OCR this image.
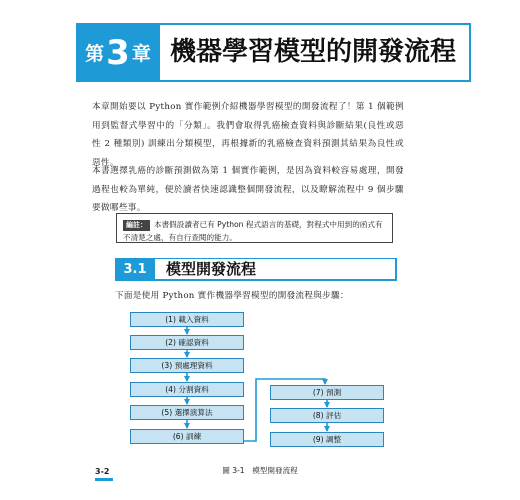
第 3 章 機器學習模型的開發流程
本章開始要以 Python 實作範例介紹機器學習模型的開發流程了！第 1 個範例用到監督式學習中的「分類」。我們會取得乳癌檢查資料與診斷結果(良性或惡性 2 種類別) 訓練出分類模型，再根據新的乳癌檢查資料預測其結果為良性或惡性。
本書選擇乳癌的診斷預測做為第 1 個實作範例，是因為資料較容易處理，開發過程也較為單純，便於讀者快速認識整個開發流程，以及瞭解流程中 9 個步驟要做哪些事。
編註： 本書假設讀者已有 Python 程式語言的基礎，對程式中用到的函式有不清楚之處，有自行查閱的能力。
3.1	模型開發流程
下面是使用 Python 實作機器學習模型的開發流程與步驟：
(1) 載入資料
(2) 確認資料
(3) 預處理資料
(4) 分割資料
(5) 選擇演算法
(6) 訓練
(7) 預測
(8) 評估
(9) 調整
圖 3-1　模型開發流程
3-2
